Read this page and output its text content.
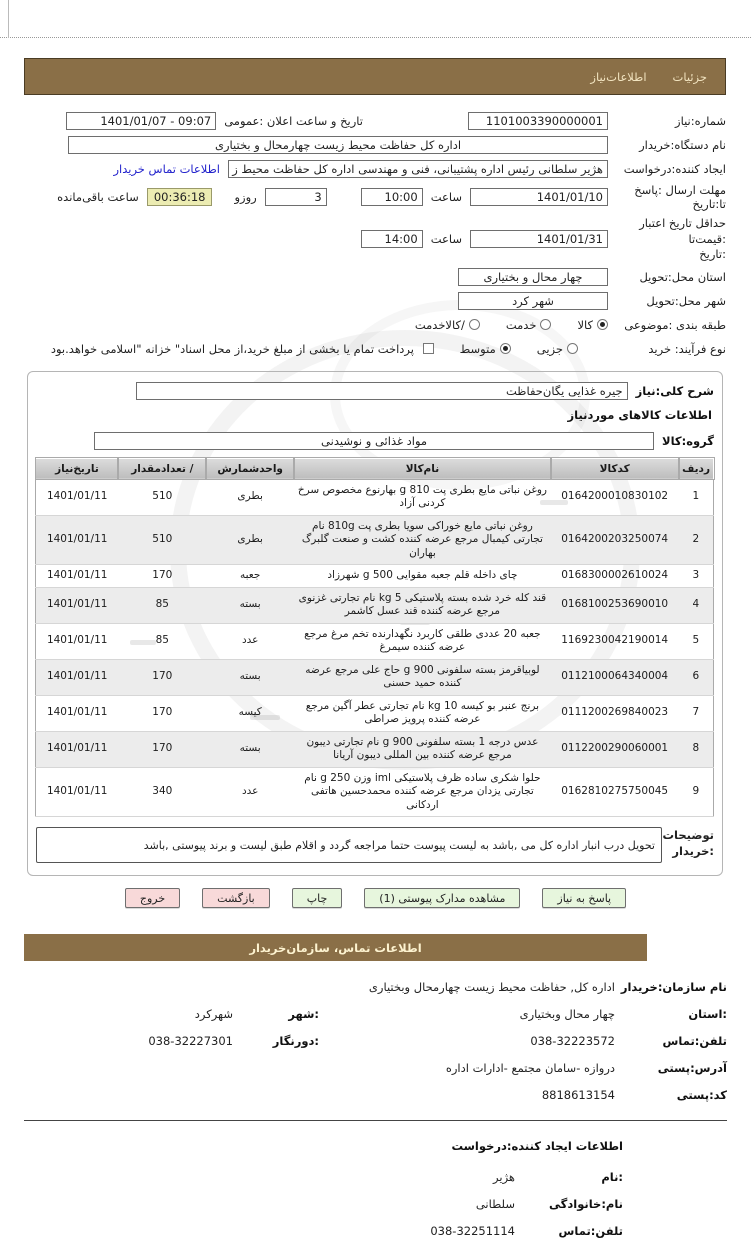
جزئیات
اطلاعات‌نیاز
شماره:نیاز
1101003390000001
تاریخ و ساعت اعلان :عمومی
1401/01/07 - 09:07
نام دستگاه:خریدار
اداره کل حفاظت محیط زیست چهارمحال و بختیاری
ایجاد کننده:درخواست
هژیر سلطانی رئیس اداره پشتیبانی، فنی و مهندسی اداره کل حفاظت محیط ز
اطلاعات تماس خریدار
مهلت ارسال :پاسخ تا:تاریخ
1401/01/10
ساعت
10:00
3
روزو
00:36:18
ساعت باقی‌مانده
حداقل تاریخ اعتبار :قیمت‌تا
:تاریخ
1401/01/31
ساعت
14:00
استان محل:تحویل
چهار محال و بختیاری
شهر محل:تحویل
شهر کرد
طبقه بندی :موضوعی
کالاخدمت/کالاخدمت
نوع فرآیند: خرید
جزییمتوسط
پرداخت تمام یا بخشی از مبلغ خرید،از محل اسناد" خزانه "اسلامی خواهد.بود
شرح کلی:نیاز
جیره غذایی یگان‌حفاظت
اطلاعات کالاهای موردنیاز
گروه:کالا
مواد غذائی و نوشیدنی
ردیف	کدکالا	نام‌کالا	واحدشمارش	/ تعدادمقدار	تاریخ‌نیاز
1	0164200010830102	روغن نباتی مایع بطری پت 810 g بهارنوع مخصوص سرخ کردنی آزاد	بطری	510	1401/01/11
2	0164200203250074	روغن نباتی مایع خوراکی سویا بطری پت 810g نام تجارتی کیمبال مرجع عرضه کننده کشت و صنعت گلبرگ بهاران	بطری	510	1401/01/11
3	0168300002610024	چای داخله قلم جعبه مقوایی 500 g شهرزاد	جعبه	170	1401/01/11
4	0168100253690010	قند کله خرد شده بسته پلاستیکی 5 kg نام تجارتی غزنوی مرجع عرضه کننده قند عسل کاشمر	بسته	85	1401/01/11
5	1169230042190014	جعبه 20 عددی طلقی کاربرد نگهدارنده تخم مرغ مرجع عرضه کننده سیمرغ	عدد	85	1401/01/11
6	0112100064340004	لوبیاقرمز بسته سلفونی 900 g حاج علی مرجع عرضه کننده حمید حسنی	بسته	170	1401/01/11
7	0111200269840023	برنج عنبر بو کیسه 10 kg نام تجارتی عطر آگین مرجع عرضه کننده پرویز صراطی	کیسه	170	1401/01/11
8	0112200290060001	عدس درجه 1 بسته سلفونی 900 g نام تجارتی دیبون مرجع عرضه کننده بین المللی دیبون آریانا	بسته	170	1401/01/11
9	0162810275750045	حلوا شکری ساده ظرف پلاستیکی iml وزن 250 g نام تجارتی یزدان مرجع عرضه کننده محمدحسین هاتفی اردکانی	عدد	340	1401/01/11
توضیحات
:خریدار
تحویل درب انبار اداره کل می ,باشد به لیست پیوست حتما مراجعه گردد و اقلام طبق لیست و برند پیوستی ,باشد
پاسخ به نیاز
مشاهده مدارک پیوستی (1)
چاپ
بازگشت
خروج
اطلاعات تماس، سازمان‌خریدار
نام سازمان:خریدار
اداره کل, حفاظت محیط زیست چهارمحال وبختیاری
:استان
چهار محال وبختیاری
:شهر
شهرکرد
تلفن:تماس
038-32223572
:دورنگار
038-32227301
آدرس:پستی
دروازه -سامان مجتمع -ادارات اداره
کد:پستی
8818613154
اطلاعات ایجاد کننده:درخواست
:نام
هژیر
نام:خانوادگی
سلطانی
تلفن:تماس
038-32251114
